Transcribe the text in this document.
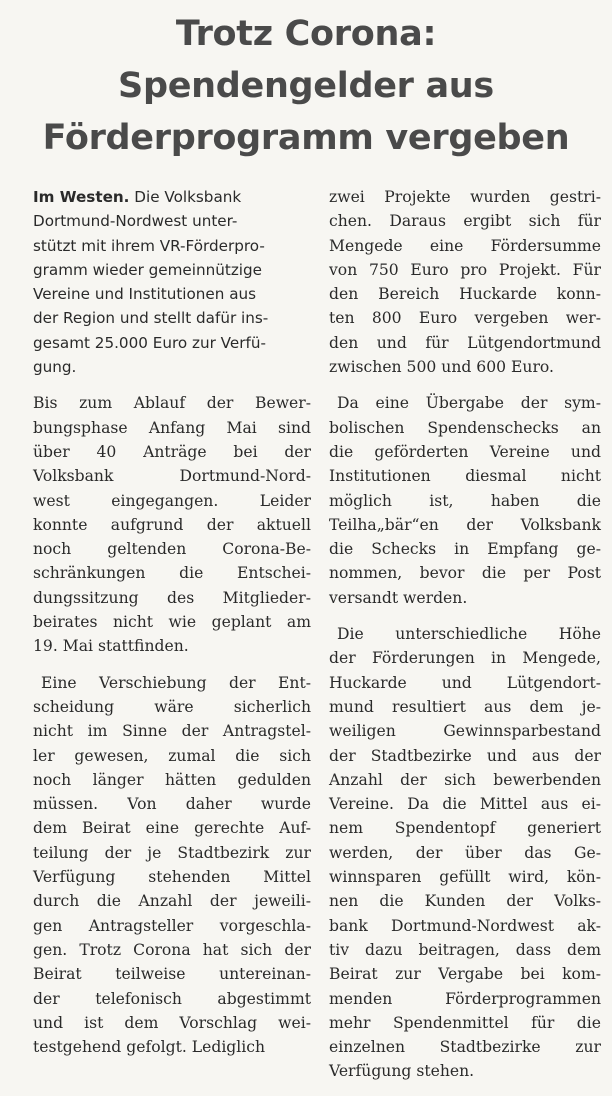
Trotz Corona:
Spendengelder aus
Förderprogramm vergeben
Im Westen. Die Volksbank
Dortmund-Nordwest unter-
stützt mit ihrem VR-Förderpro-
gramm wieder gemeinnützige
Vereine und Institutionen aus
der Region und stellt dafür ins-
gesamt 25.000 Euro zur Verfü-
gung.
Bis zum Ablauf der Bewer-
bungsphase Anfang Mai sind
über 40 Anträge bei der
Volksbank Dortmund-Nord-
west eingegangen. Leider
konnte aufgrund der aktuell
noch geltenden Corona-Be-
schränkungen die Entschei-
dungssitzung des Mitglieder-
beirates nicht wie geplant am
19. Mai stattfinden.
Eine Verschiebung der Ent-
scheidung wäre sicherlich
nicht im Sinne der Antragstel-
ler gewesen, zumal die sich
noch länger hätten gedulden
müssen. Von daher wurde
dem Beirat eine gerechte Auf-
teilung der je Stadtbezirk zur
Verfügung stehenden Mittel
durch die Anzahl der jeweili-
gen Antragsteller vorgeschla-
gen. Trotz Corona hat sich der
Beirat teilweise untereinan-
der telefonisch abgestimmt
und ist dem Vorschlag wei-
testgehend gefolgt. Lediglich
zwei Projekte wurden gestri-
chen. Daraus ergibt sich für
Mengede eine Fördersumme
von 750 Euro pro Projekt. Für
den Bereich Huckarde konn-
ten 800 Euro vergeben wer-
den und für Lütgendortmund
zwischen 500 und 600 Euro.
Da eine Übergabe der sym-
bolischen Spendenschecks an
die geförderten Vereine und
Institutionen diesmal nicht
möglich ist, haben die
Teilha„bär“en der Volksbank
die Schecks in Empfang ge-
nommen, bevor die per Post
versandt werden.
Die unterschiedliche Höhe
der Förderungen in Mengede,
Huckarde und Lütgendort-
mund resultiert aus dem je-
weiligen Gewinnsparbestand
der Stadtbezirke und aus der
Anzahl der sich bewerbenden
Vereine. Da die Mittel aus ei-
nem Spendentopf generiert
werden, der über das Ge-
winnsparen gefüllt wird, kön-
nen die Kunden der Volks-
bank Dortmund-Nordwest ak-
tiv dazu beitragen, dass dem
Beirat zur Vergabe bei kom-
menden Förderprogrammen
mehr Spendenmittel für die
einzelnen Stadtbezirke zur
Verfügung stehen.
